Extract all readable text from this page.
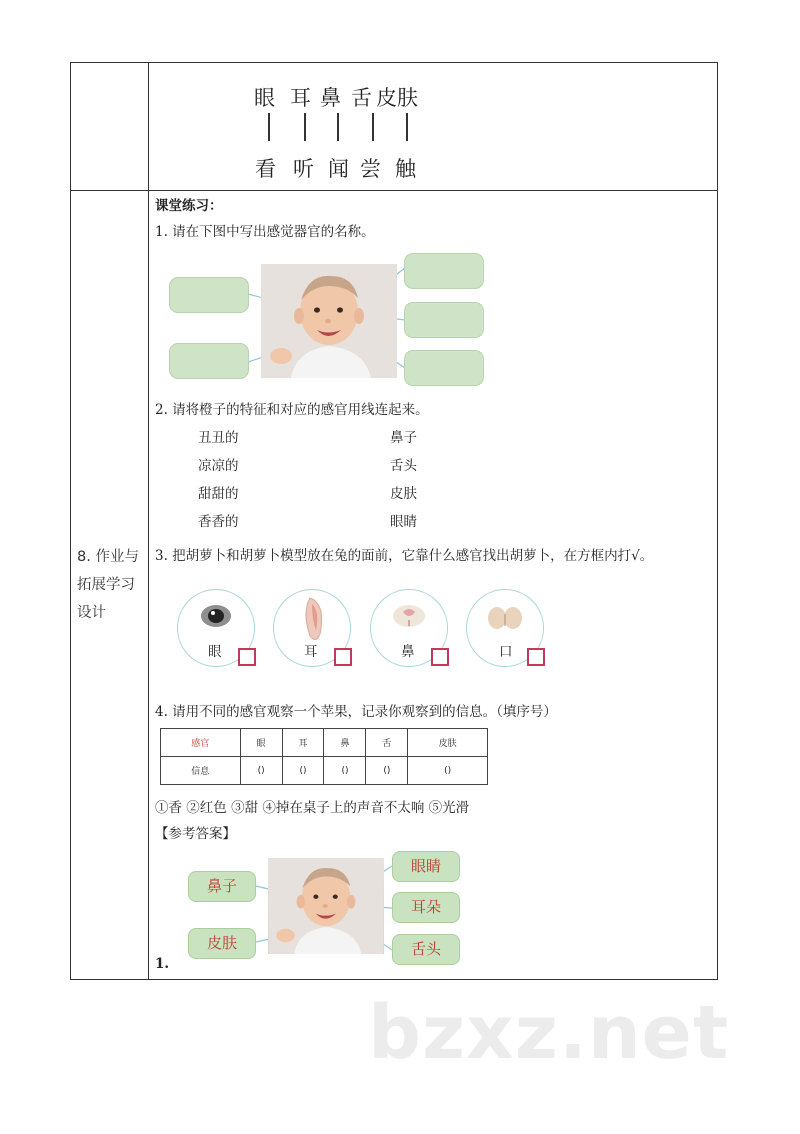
8. 作业与
拓展学习
设计
眼 耳 鼻 舌 皮肤
看 听 闻 尝 触
课堂练习：
1. 请在下图中写出感觉器官的名称。
2. 请将橙子的特征和对应的感官用线连起来。
丑丑的
凉凉的
甜甜的
香香的
鼻子
舌头
皮肤
眼睛
3. 把胡萝卜和胡萝卜模型放在兔的面前，它靠什么感官找出胡萝卜，在方框内打√。
眼	耳	鼻	口
4. 请用不同的感官观察一个苹果，记录你观察到的信息。（填序号）
感官	眼	耳	鼻	舌	皮肤
信息	()	()	()	()	()
①香 ②红色 ③甜 ④掉在桌子上的声音不太响 ⑤光滑
【参考答案】
鼻子
皮肤
眼睛
耳朵
舌头
1.
bzxz.net
